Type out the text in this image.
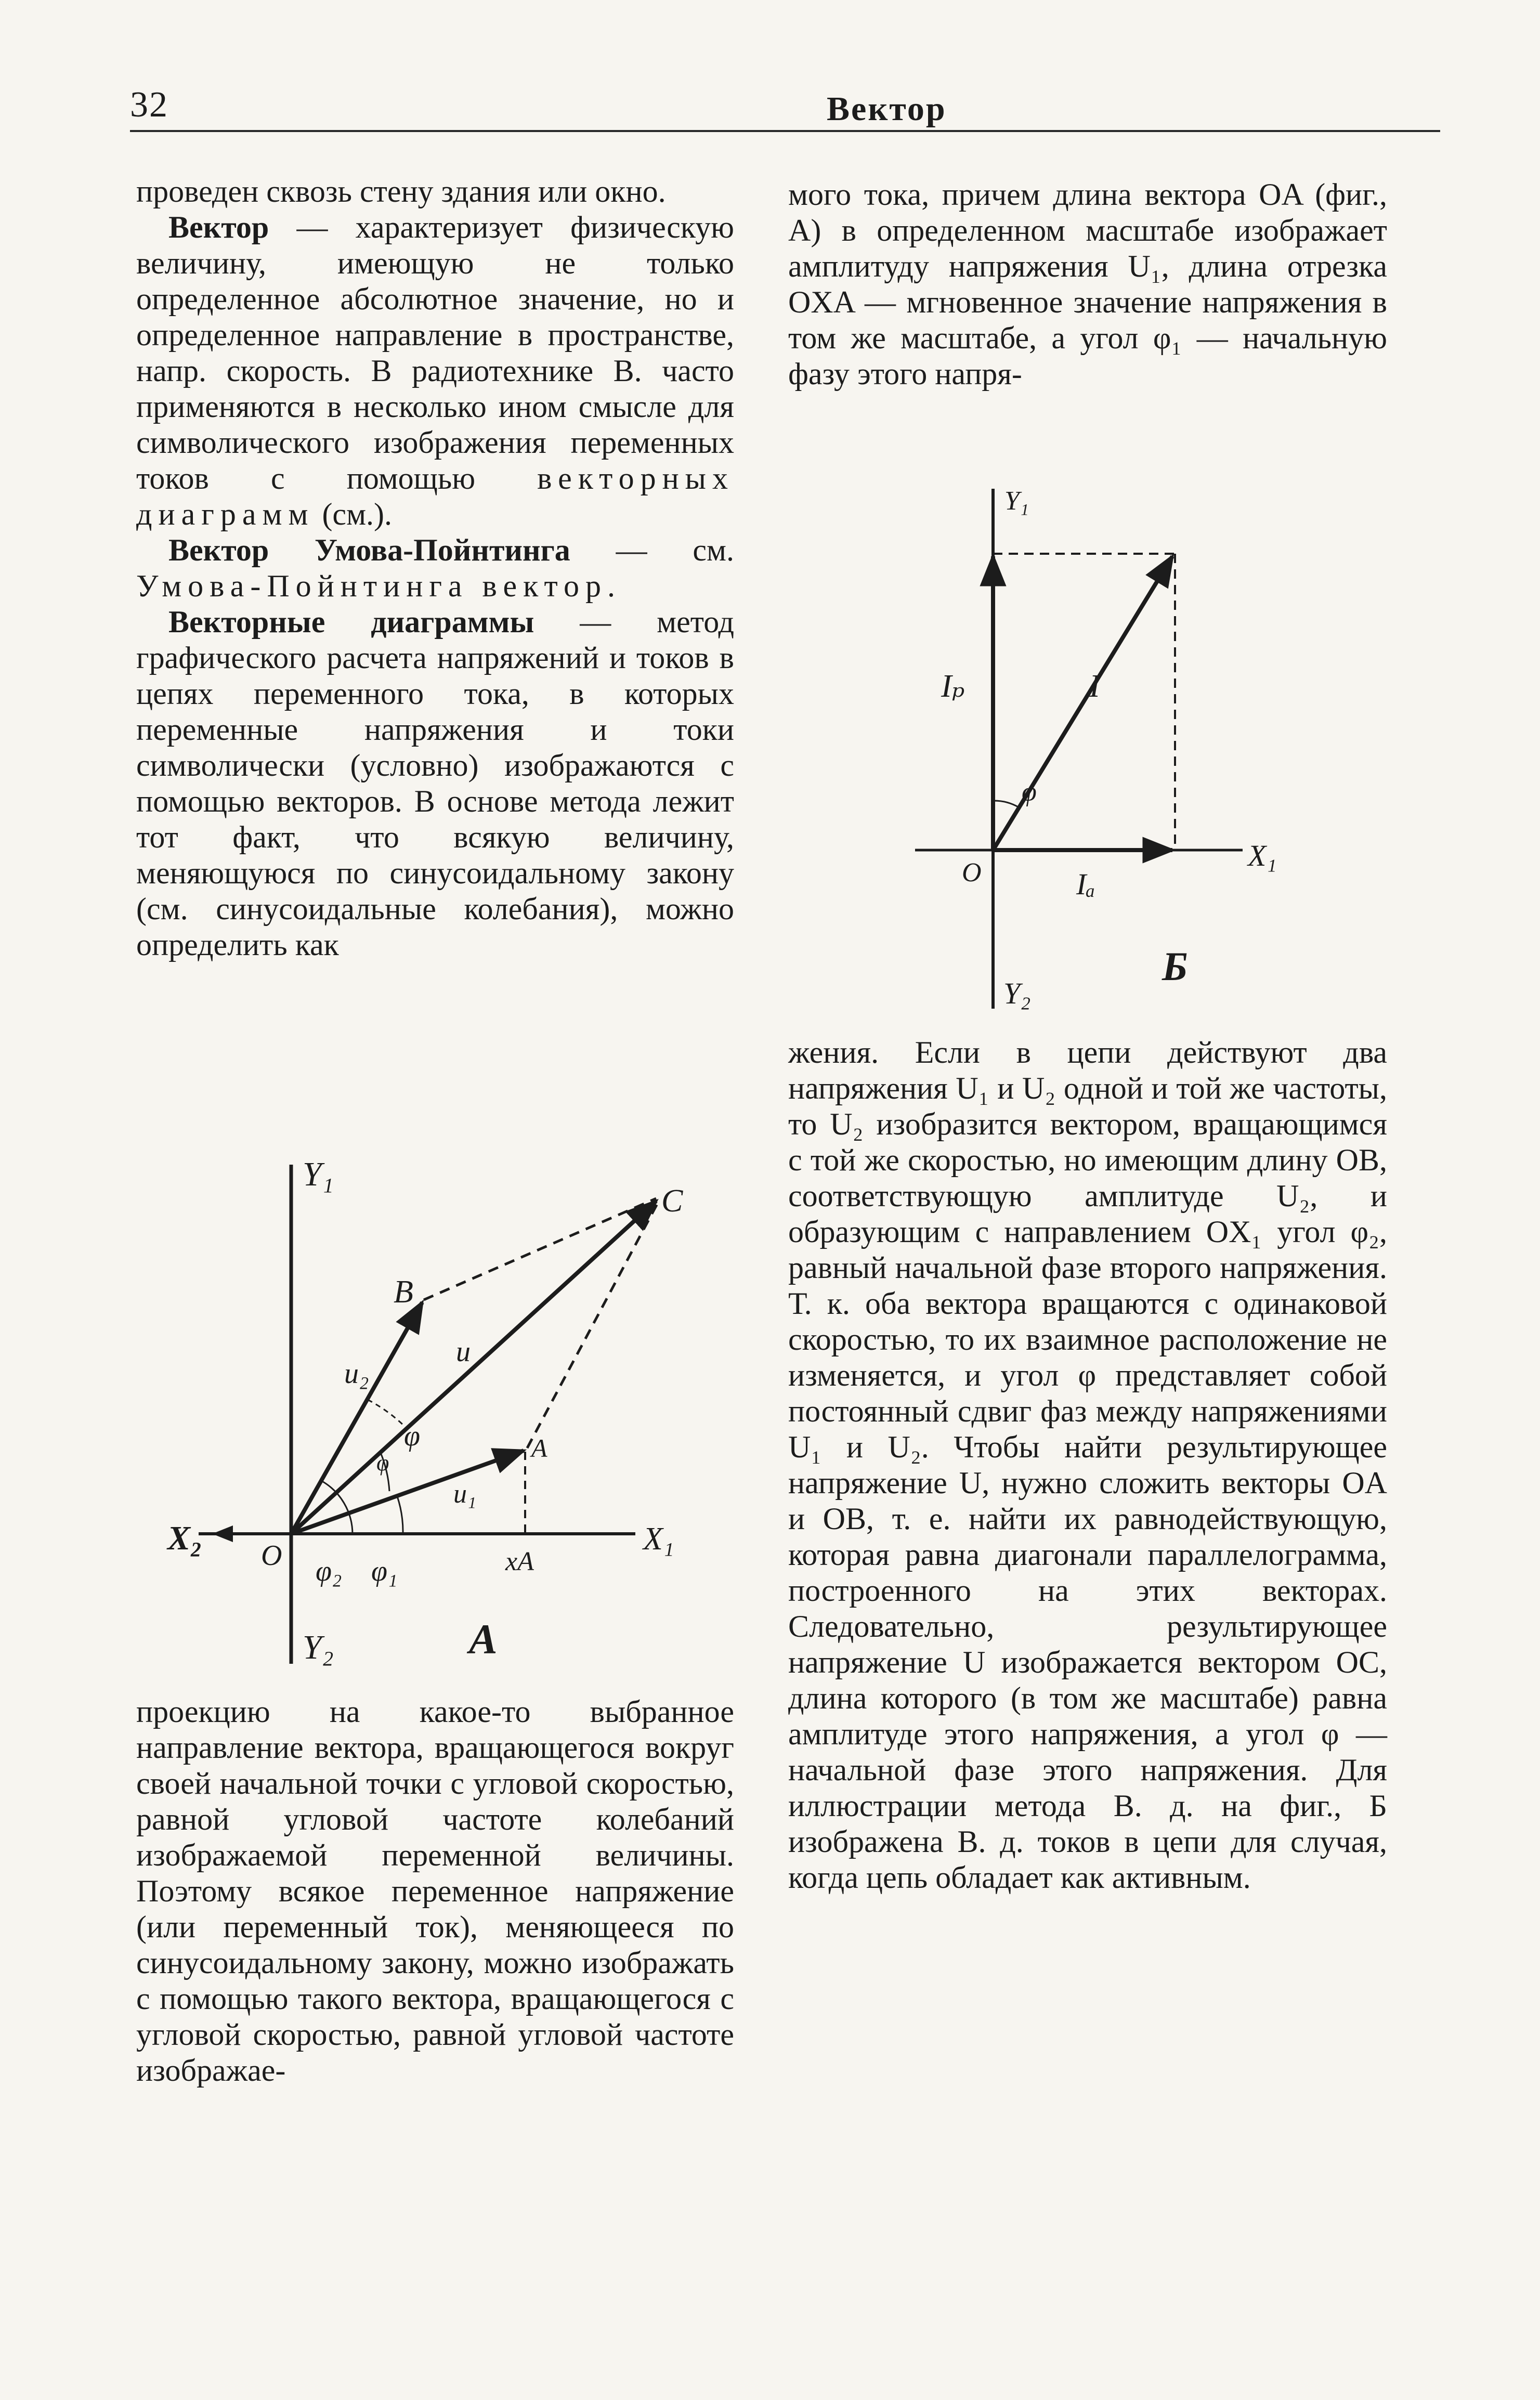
32	Вектор

проведен сквозь стену здания или окно.

Вектор — характеризует физическую величину, имеющую не только определенное абсолютное значение, но и определенное направление в пространстве, напр. скорость. В радиотехнике В. часто применяются в несколько ином смысле для символического изображения переменных токов с помощью векторных диаграмм (см.).

Вектор Умова-Пойнтинга — см. Умова-Пойнтинга вектор.

Векторные диаграммы — метод графического расчета напряжений и токов в цепях переменного тока, в которых переменные напряжения и токи символически (условно) изображаются с помощью векторов. В основе метода лежит тот факт, что всякую величину, меняющуюся по синусоидальному закону (см. синусоидальные колебания), можно определить как

Y₁
Y₂
X₂	X₁
O
B
C
A
u₂
u
u₁
φ
φ
φ₂ φ₁	xA
А

проекцию на какое-то выбранное направление вектора, вращающегося вокруг своей начальной точки с угловой скоростью, равной угловой частоте колебаний изображаемой переменной величины. Поэтому всякое переменное напряжение (или переменный ток), меняющееся по синусоидальному закону, можно изображать с помощью такого вектора, вращающегося с угловой скоростью, равной угловой частоте изображае-

мого тока, причем длина вектора OA (фиг., A) в определенном масштабе изображает амплитуду напряжения U₁, длина отрезка OXA — мгновенное значение напряжения в том же масштабе, а угол φ₁ — начальную фазу этого напря-

Y₁
Y₂
X₁
O
Iₚ	I
φ
Iₐ
Б

жения. Если в цепи действуют два напряжения U₁ и U₂ одной и той же частоты, то U₂ изобразится вектором, вращающимся с той же скоростью, но имеющим длину OB, соответствующую амплитуде U₂, и образующим с направлением OX₁ угол φ₂, равный начальной фазе второго напряжения. Т. к. оба вектора вращаются с одинаковой скоростью, то их взаимное расположение не изменяется, и угол φ представляет собой постоянный сдвиг фаз между напряжениями U₁ и U₂. Чтобы найти результирующее напряжение U, нужно сложить векторы OA и OB, т. е. найти их равнодействующую, которая равна диагонали параллелограмма, построенного на этих векторах. Следовательно, результирующее напряжение U изображается вектором OC, длина которого (в том же масштабе) равна амплитуде этого напряжения, а угол φ — начальной фазе этого напряжения. Для иллюстрации метода В. д. на фиг., Б изображена В. д. токов в цепи для случая, когда цепь обладает как активным.
